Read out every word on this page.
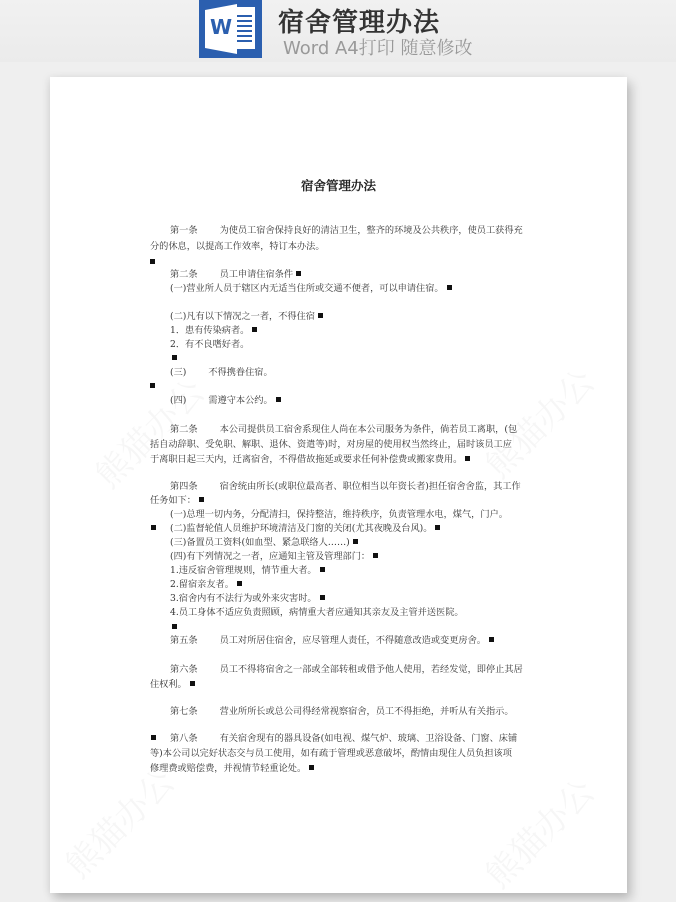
W 宿舍管理办法
Word A4打印 随意修改
宿舍管理办法
第一条 为使员工宿舍保持良好的清洁卫生，整齐的环境及公共秩序，使员工获得充
分的休息，以提高工作效率，特订本办法。
第二条 员工申请住宿条件
(一)营业所人员于辖区内无适当住所或交通不便者，可以申请住宿。
(二)凡有以下情况之一者，不得住宿
1．患有传染病者。
2．有不良嗜好者。
(三) 不得携眷住宿。
(四) 需遵守本公约。
第二条 本公司提供员工宿舍系现住人尚在本公司服务为条件，倘若员工离职，(包
括自动辞职、受免职、解职、退休、资遣等)时，对房屋的使用权当然终止，届时该员工应
于离职日起三天内，迁离宿舍，不得借故拖延或要求任何补偿费或搬家费用。
第四条 宿舍统由所长(或职位最高者、职位相当以年资长者)担任宿舍舍监，其工作
任务如下：
(一)总理一切内务，分配清扫，保持整洁，维持秩序，负责管理水电，煤气，门户。
(二)监督轮值人员维护环境清洁及门窗的关闭(尤其夜晚及台风)。
(三)备置员工资料(如血型、紧急联络人……)
(四)有下列情况之一者，应通知主管及管理部门：
1.违反宿舍管理规则，情节重大者。
2.留宿亲友者。
3.宿舍内有不法行为或外来灾害时。
4.员工身体不适应负责照顾，病情重大者应通知其亲友及主管并送医院。
第五条 员工对所居住宿舍，应尽管理人责任，不得随意改造或变更房舍。
第六条 员工不得将宿舍之一部或全部转租或借予他人使用，若经发觉，即停止其居
住权利。
第七条 营业所所长或总公司得经常视察宿舍，员工不得拒绝，并听从有关指示。
第八条 有关宿舍现有的器具设备(如电视、煤气炉、玻璃、卫浴设备、门窗、床铺
等)本公司以完好状态交与员工使用，如有疏于管理或恶意破坏，酌情由现住人员负担该项
修理费或赔偿费，并视情节轻重论处。
